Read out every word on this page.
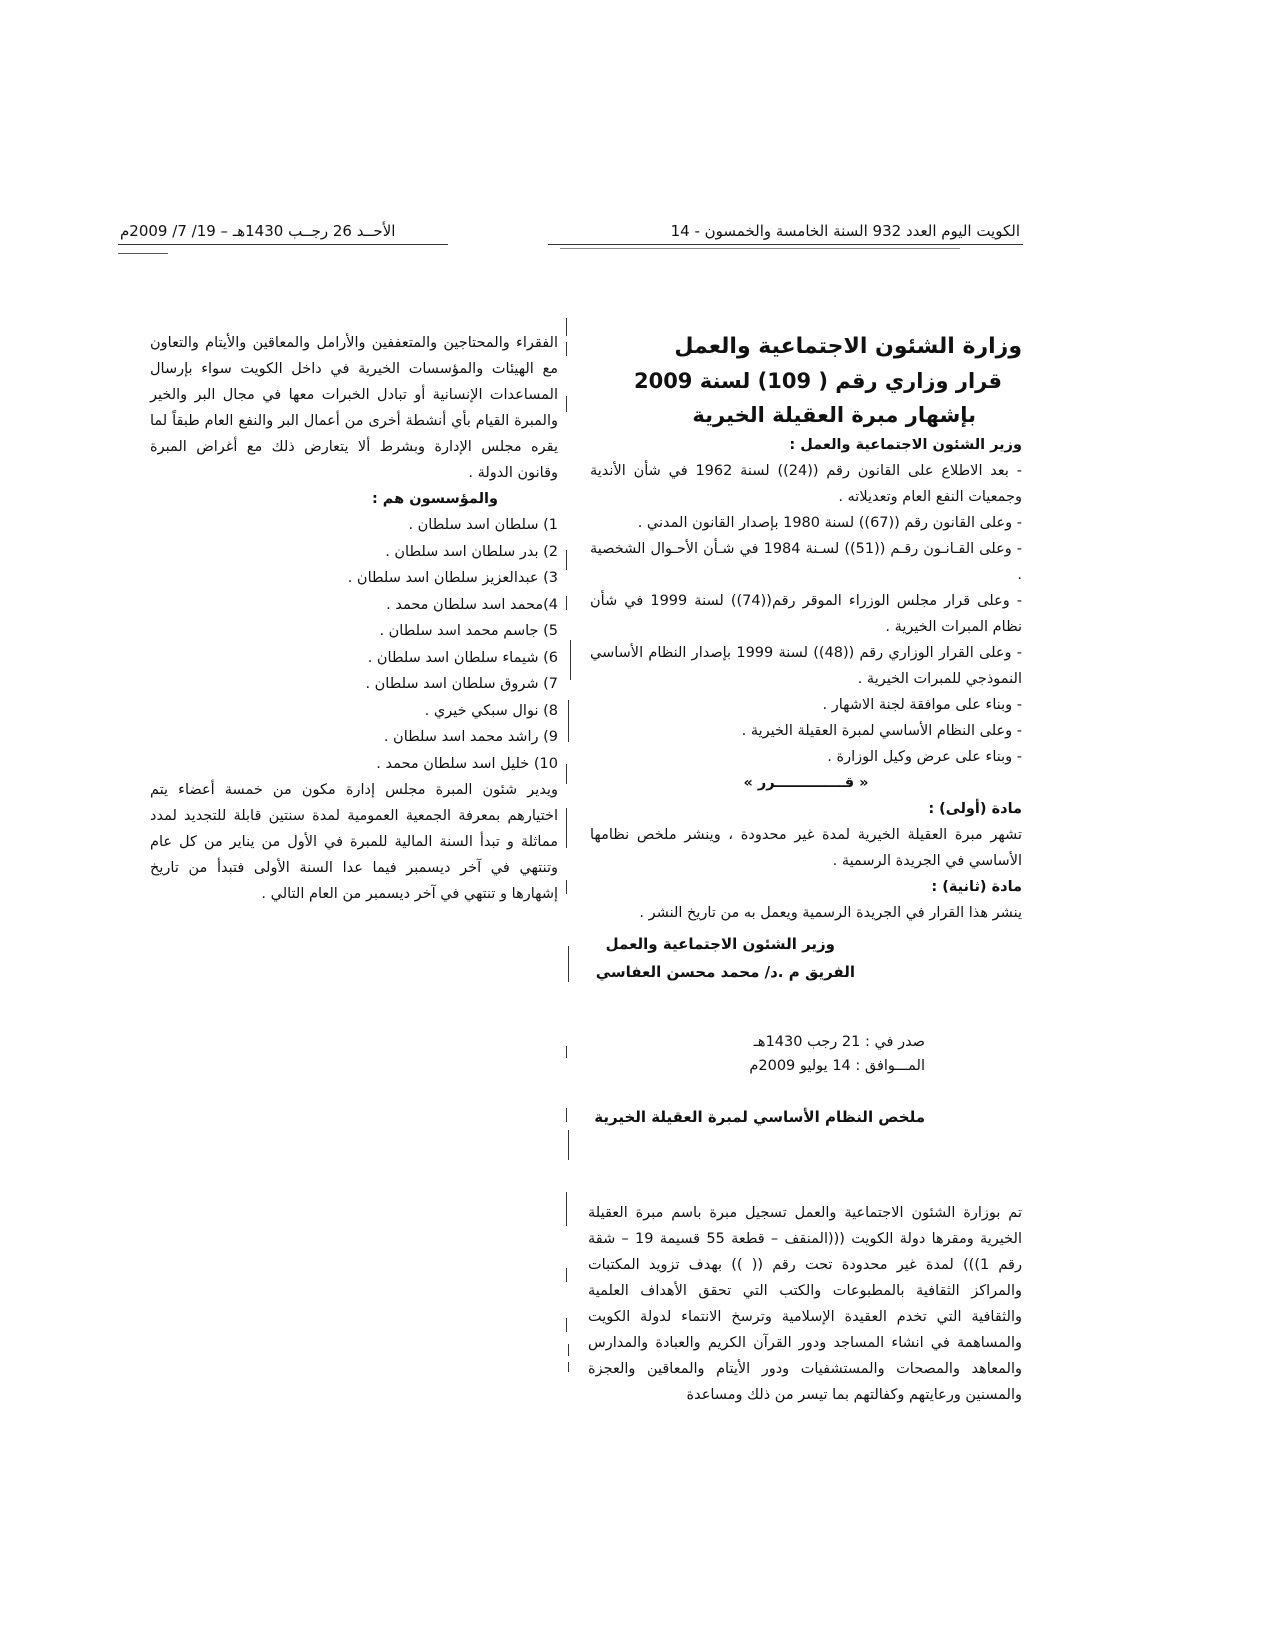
الكويت اليوم العدد 932 السنة الخامسة والخمسون - 14
الأحــد 26 رجــب 1430هـ – 19/ 7/ 2009م

وزارة الشئون الاجتماعية والعمل

قرار وزاري رقم ( 109) لسنة 2009

بإشهار مبرة العقيلة الخيرية

وزير الشئون الاجتماعية والعمل :

- بعد الاطلاع على القانون رقم ((24)) لسنة 1962 في شأن الأندية وجمعيات النفع العام وتعديلاته .

- وعلى القانون رقم ((67)) لسنة 1980 بإصدار القانون المدني .

- وعلى القـانـون رقـم ((51)) لسـنة 1984 في شـأن الأحـوال الشخصية .

- وعلى قرار مجلس الوزراء الموقر رقم((74)) لسنة 1999 في شأن نظام المبرات الخيرية .

- وعلى القرار الوزاري رقم ((48)) لسنة 1999 بإصدار النظام الأساسي النموذجي للمبرات الخيرية .

- وبناء على موافقة لجنة الاشهار .

- وعلى النظام الأساسي لمبرة العقيلة الخيرية .

- وبناء على عرض وكيل الوزارة .

« قــــــــــــــرر »

مادة (أولى) :

تشهر مبرة العقيلة الخيرية لمدة غير محدودة ، وينشر ملخص نظامها الأساسي في الجريدة الرسمية .

مادة (ثانية) :

ينشر هذا القرار في الجريدة الرسمية ويعمل به من تاريخ النشر .

وزير الشئون الاجتماعية والعمل
الفريق م .د/ محمد محسن العفاسي
صدر في : 21 رجب 1430هـ
المـــوافق : 14 يوليو 2009م
ملخص النظام الأساسي لمبرة العقيلة الخيرية

تم بوزارة الشئون الاجتماعية والعمل تسجيل مبرة باسم مبرة العقيلة الخيرية ومقرها دولة الكويت (((المنقف – قطعة 55 قسيمة 19 – شقة رقم 1))) لمدة غير محدودة تحت رقم (( )) بهدف تزويد المكتبات والمراكز الثقافية بالمطبوعات والكتب التي تحقق الأهداف العلمية والثقافية التي تخدم العقيدة الإسلامية وترسخ الانتماء لدولة الكويت والمساهمة في انشاء المساجد ودور القرآن الكريم والعبادة والمدارس والمعاهد والمصحات والمستشفيات ودور الأيتام والمعاقين والعجزة والمسنين ورعايتهم وكفالتهم بما تيسر من ذلك ومساعدة

الفقراء والمحتاجين والمتعففين والأرامل والمعاقين والأيتام والتعاون مع الهيئات والمؤسسات الخيرية في داخل الكويت سواء بإرسال المساعدات الإنسانية أو تبادل الخبرات معها في مجال البر والخير والمبرة القيام بأي أنشطة أخرى من أعمال البر والنفع العام طبقاً لما يقره مجلس الإدارة وبشرط ألا يتعارض ذلك مع أغراض المبرة وقانون الدولة .

والمؤسسون هم :

1) سلطان اسد سلطان .
2) بدر سلطان اسد سلطان .
3) عبدالعزيز سلطان اسد سلطان .
4)محمد اسد سلطان محمد .
5) جاسم محمد اسد سلطان .
6) شيماء سلطان اسد سلطان .
7) شروق سلطان اسد سلطان .
8) نوال سبكي خيري .
9) راشد محمد اسد سلطان .
10) خليل اسد سلطان محمد .

ويدير شئون المبرة مجلس إدارة مكون من خمسة أعضاء يتم اختيارهم بمعرفة الجمعية العمومية لمدة سنتين قابلة للتجديد لمدد مماثلة و تبدأ السنة المالية للمبرة في الأول من يناير من كل عام وتنتهي في آخر ديسمبر فيما عدا السنة الأولى فتبدأ من تاريخ إشهارها و تنتهي في آخر ديسمبر من العام التالي .
